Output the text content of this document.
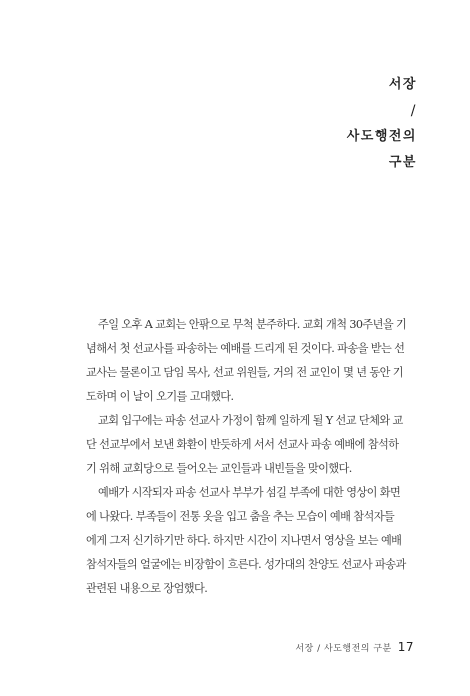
서장
/
사도행전의
구분
주일 오후 A 교회는 안팎으로 무척 분주하다. 교회 개척 30주년을 기
념해서 첫 선교사를 파송하는 예배를 드리게 된 것이다. 파송을 받는 선
교사는 물론이고 담임 목사, 선교 위원들, 거의 전 교인이 몇 년 동안 기
도하며 이 날이 오기를 고대했다.
교회 입구에는 파송 선교사 가정이 함께 일하게 될 Y 선교 단체와 교
단 선교부에서 보낸 화환이 반듯하게 서서 선교사 파송 예배에 참석하
기 위해 교회당으로 들어오는 교인들과 내빈들을 맞이했다.
예배가 시작되자 파송 선교사 부부가 섬길 부족에 대한 영상이 화면
에 나왔다. 부족들이 전통 옷을 입고 춤을 추는 모습이 예배 참석자들
에게 그저 신기하기만 하다. 하지만 시간이 지나면서 영상을 보는 예배
참석자들의 얼굴에는 비장함이 흐른다. 성가대의 찬양도 선교사 파송과
관련된 내용으로 장엄했다.
서장 / 사도행전의 구분 17
